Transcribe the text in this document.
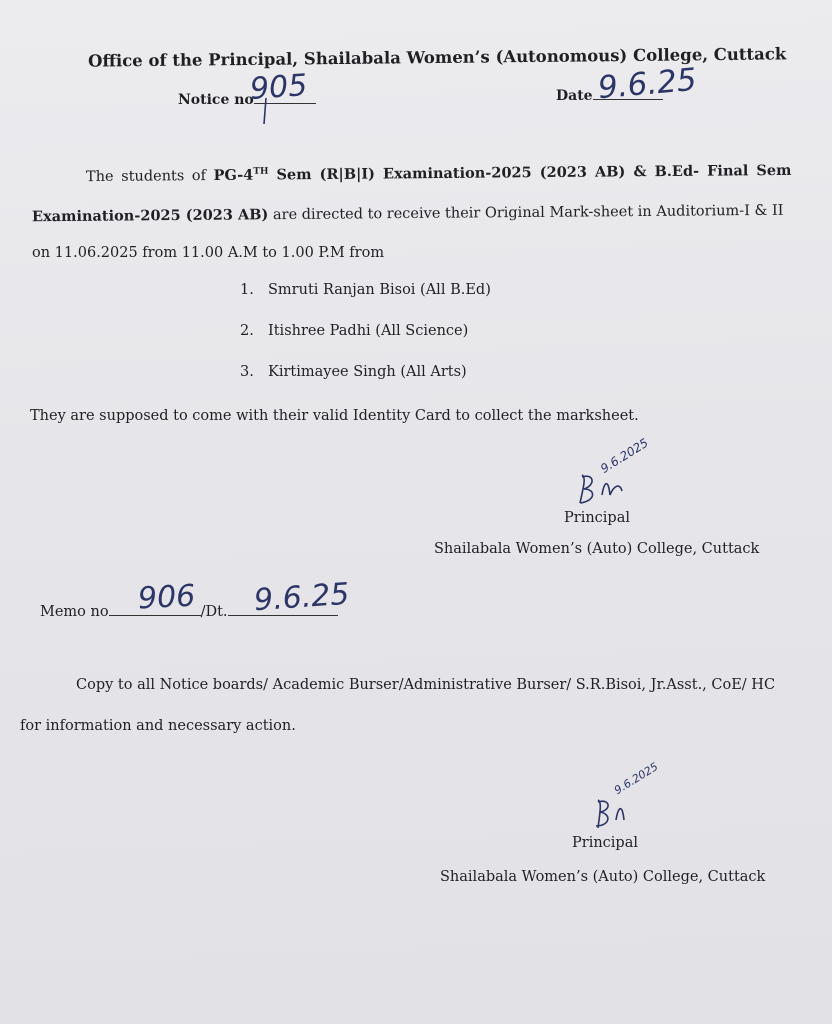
Office of the Principal, Shailabala Women’s (Autonomous) College, Cuttack
Notice no
905	Date 9.6.25
The students of PG-4TH Sem (R|B|I) Examination-2025 (2023 AB) & B.Ed- Final Sem
Examination-2025 (2023 AB) are directed to receive their Original Mark-sheet in Auditorium-I & II
on 11.06.2025 from 11.00 A.M to 1.00 P.M from
1. Smruti Ranjan Bisoi (All B.Ed)
2. Itishree Padhi (All Science)
3. Kirtimayee Singh (All Arts)
They are supposed to come with their valid Identity Card to collect the marksheet.
9.6.2025
Principal
Shailabala Women’s (Auto) College, Cuttack
Memo no	/Dt.
906 9.6.25
Copy to all Notice boards/ Academic Burser/Administrative Burser/ S.R.Bisoi, Jr.Asst., CoE/ HC
for information and necessary action.
9.6.2025
Principal
Shailabala Women’s (Auto) College, Cuttack
